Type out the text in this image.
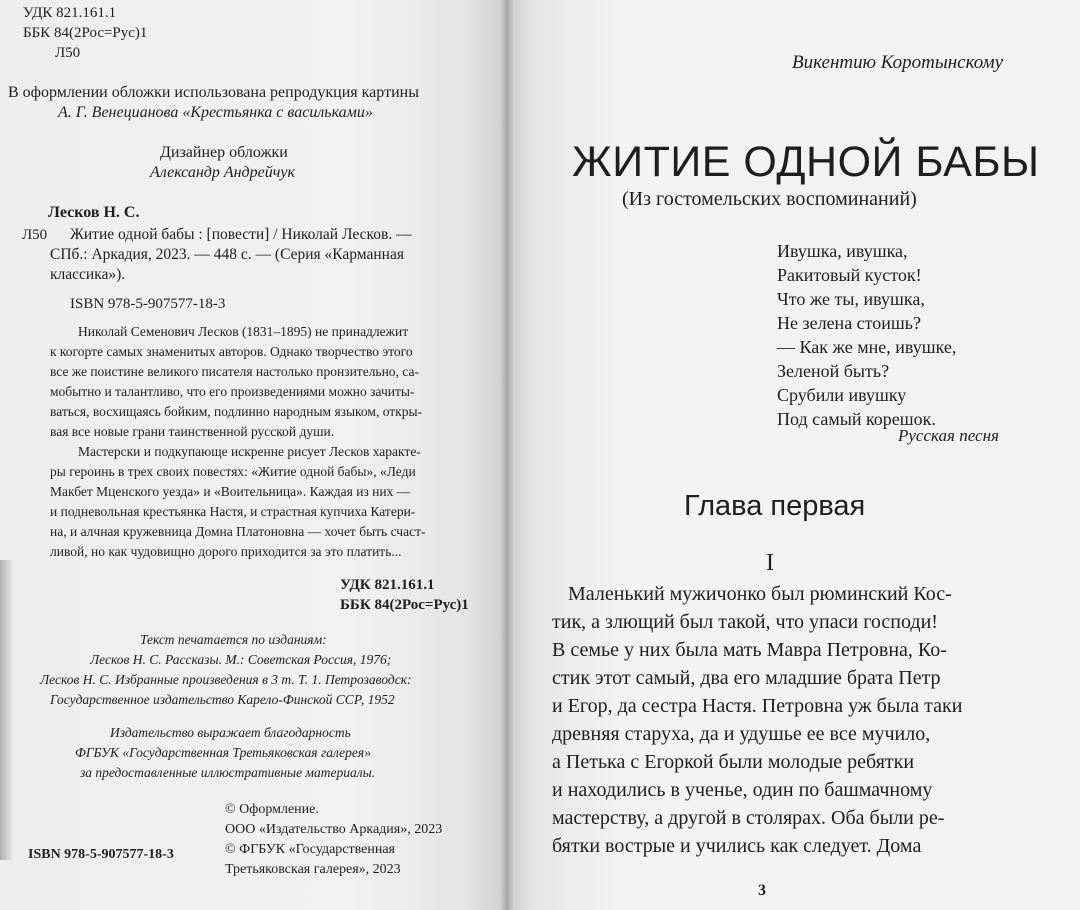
УДК 821.161.1
ББК 84(2Рос=Рус)1
Л50
В оформлении обложки использована репродукция картины
А. Г. Венецианова «Крестьянка с васильками»
Дизайнер обложки
Александр Андрейчук
Лесков Н. С.
Л50 Житие одной бабы : [повести] / Николай Лесков. —
СПб.: Аркадия, 2023. — 448 с. — (Серия «Карманная
классика»).
ISBN 978-5-907577-18-3
Николай Семенович Лесков (1831–1895) не принадлежит
к когорте самых знаменитых авторов. Однако творчество этого
все же поистине великого писателя настолько пронзительно, са-
мобытно и талантливо, что его произведениями можно зачиты-
ваться, восхищаясь бойким, подлинно народным языком, откры-
вая все новые грани таинственной русской души.
Мастерски и подкупающе искренне рисует Лесков характе-
ры героинь в трех своих повестях: «Житие одной бабы», «Леди
Макбет Мценского уезда» и «Воительница». Каждая из них —
и подневольная крестьянка Настя, и страстная купчиха Катери-
на, и алчная кружевница Домна Платоновна — хочет быть счаст-
ливой, но как чудовищно дорого приходится за это платить...
УДК 821.161.1
ББК 84(2Рос=Рус)1
Текст печатается по изданиям:
Лесков Н. С. Рассказы. М.: Советская Россия, 1976;
Лесков Н. С. Избранные произведения в 3 т. Т. 1. Петрозаводск:
Государственное издательство Карело-Финской ССР, 1952
Издательство выражает благодарность
ФГБУК «Государственная Третьяковская галерея»
за предоставленные иллюстративные материалы.
© Оформление.
ООО «Издательство Аркадия», 2023
© ФГБУК «Государственная
Третьяковская галерея», 2023
ISBN 978-5-907577-18-3
Викентию Коротынскому
ЖИТИЕ ОДНОЙ БАБЫ
(Из гостомельских воспоминаний)
Ивушка, ивушка,
Ракитовый кусток!
Что же ты, ивушка,
Не зелена стоишь?
— Как же мне, ивушке,
Зеленой быть?
Срубили ивушку
Под самый корешок.
Русская песня
Глава первая
I
Маленький мужичонко был рюминский Кос-
тик, а злющий был такой, что упаси господи!
В семье у них была мать Мавра Петровна, Ко-
стик этот самый, два его младшие брата Петр
и Егор, да сестра Настя. Петровна уж была таки
древняя старуха, да и удушье ее все мучило,
а Петька с Егоркой были молодые ребятки
и находились в ученье, один по башмачному
мастерству, а другой в столярах. Оба были ре-
бятки вострые и учились как следует. Дома
3
